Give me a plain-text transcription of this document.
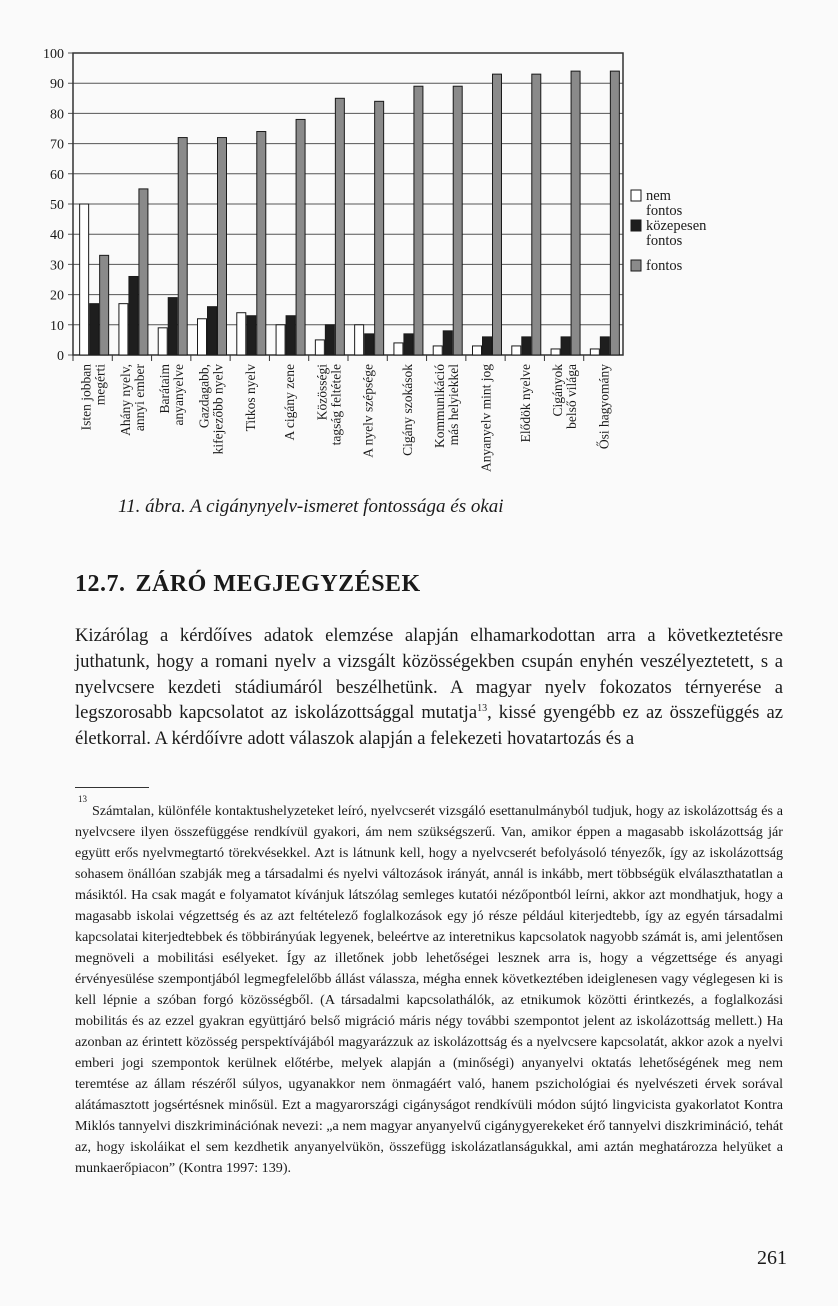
0
10
20
30
40
50
60
70
80
90
100
Isten jobbanmegérti Ahány nyelv,annyi ember Barátaimanyanyelve Gazdagabb,kifejezőbb nyelv Titkos nyelv A cigány zene Közösségitagság feltétele A nyelv szépsége Cigány szokások Kommunikációmás helyiekkel Anyanyelv mint jog Elődök nyelve Cigányokbelső világa Ősi hagyomány
nem fontos
közepesen fontos
fontos

11. ábra. A cigánynyelv-ismeret fontossága és okai

12.7. ZÁRÓ MEGJEGYZÉSEK

Kizárólag a kérdőíves adatok elemzése alapján elhamarkodottan arra a következtetésre juthatunk, hogy a romani nyelv a vizsgált közösségekben csupán enyhén veszélyeztetett, s a nyelvcsere kezdeti stádiumáról beszélhetünk. A magyar nyelv fokozatos térnyerése a legszorosabb kapcsolatot az iskolázottsággal mutatja$^{13}$, kissé gyengébb ez az összefüggés az életkorral. A kérdőívre adott válaszok alapján a felekezeti hovatartozás és a

13
Számtalan, különféle kontaktushelyzeteket leíró, nyelvcserét vizsgáló esettanulmányból tudjuk, hogy az iskolázottság és a nyelvcsere ilyen összefüggése rendkívül gyakori, ám nem szükségszerű. Van, amikor éppen a magasabb iskolázottság jár együtt erős nyelvmegtartó törekvésekkel. Azt is látnunk kell, hogy a nyelvcserét befolyásoló tényezők, így az iskolázottság sohasem önállóan szabják meg a társadalmi és nyelvi változások irányát, annál is inkább, mert többségük elválaszthatatlan a másiktól. Ha csak magát e folyamatot kívánjuk látszólag semleges kutatói nézőpontból leírni, akkor azt mondhatjuk, hogy a magasabb iskolai végzettség és az azt feltételező foglalkozások egy jó része például kiterjedtebb, így az egyén társadalmi kapcsolatai kiterjedtebbek és többirányúak legyenek, beleértve az interetnikus kapcsolatok nagyobb számát is, ami jelentősen megnöveli a mobilitási esélyeket. Így az illetőnek jobb lehetőségei lesznek arra is, hogy a végzettsége és anyagi érvényesülése szempontjából legmegfelelőbb állást válassza, mégha ennek következtében ideiglenesen vagy véglegesen ki is kell lépnie a szóban forgó közösségből. (A társadalmi kapcsolathálók, az etnikumok közötti érintkezés, a foglalkozási mobilitás és az ezzel gyakran együttjáró belső migráció máris négy további szempontot jelent az iskolázottság mellett.) Ha azonban az érintett közösség perspektívájából magyarázzuk az iskolázottság és a nyelvcsere kapcsolatát, akkor azok a nyelvi emberi jogi szempontok kerülnek előtérbe, melyek alapján a (minőségi) anyanyelvi oktatás lehetőségének meg nem teremtése az állam részéről súlyos, ugyanakkor nem önmagáért való, hanem pszichológiai és nyelvészeti érvek sorával alátámasztott jogsértésnek minősül. Ezt a magyarországi cigányságot rendkívüli módon sújtó lingvicista gyakorlatot Kontra Miklós tannyelvi diszkriminációnak nevezi: „a nem magyar anyanyelvű cigánygyerekeket érő tannyelvi diszkrimináció, tehát az, hogy iskoláikat el sem kezdhetik anyanyelvükön, összefügg iskolázatlanságukkal, ami aztán meghatározza helyüket a munkaerőpiacon” (Kontra 1997: 139).

261
